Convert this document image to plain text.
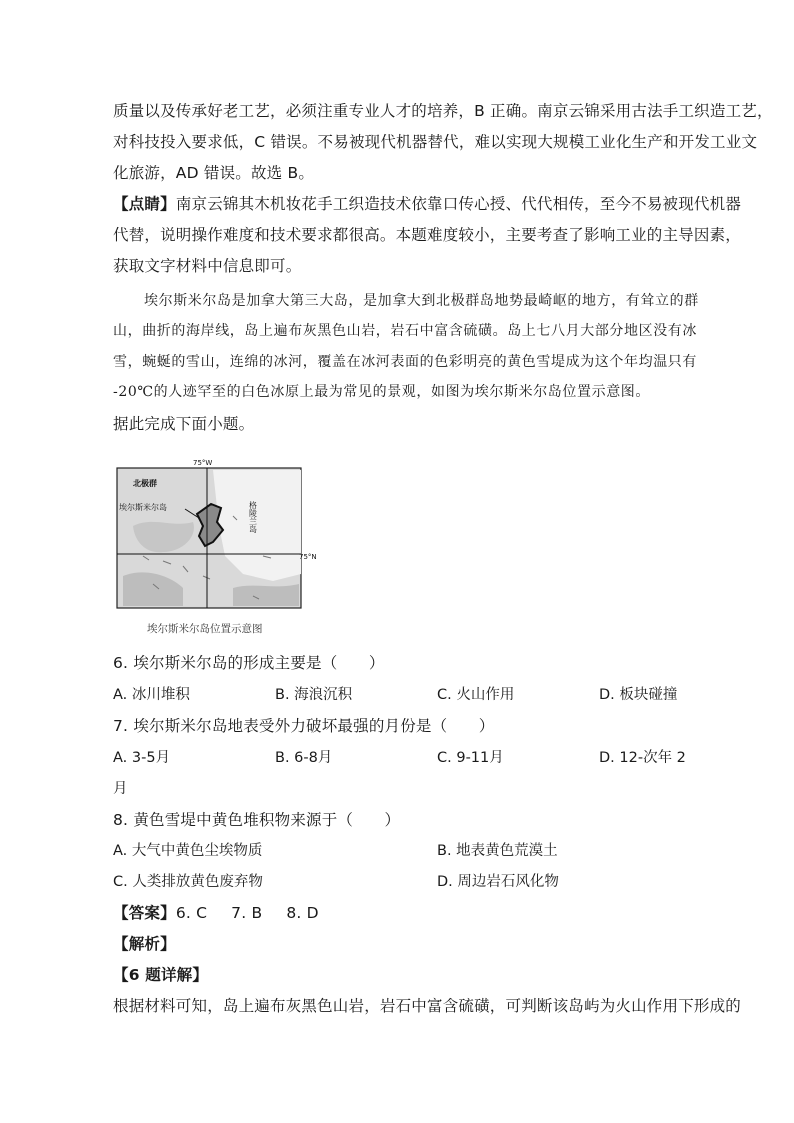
质量以及传承好老工艺，必须注重专业人才的培养，B 正确。南京云锦采用古法手工织造工艺，
对科技投入要求低，C 错误。不易被现代机器替代，难以实现大规模工业化生产和开发工业文
化旅游，AD 错误。故选 B。
【点睛】南京云锦其木机妆花手工织造技术依靠口传心授、代代相传，至今不易被现代机器
代替，说明操作难度和技术要求都很高。本题难度较小，主要考查了影响工业的主导因素，
获取文字材料中信息即可。
埃尔斯米尔岛是加拿大第三大岛，是加拿大到北极群岛地势最崎岖的地方，有耸立的群
山，曲折的海岸线，岛上遍布灰黑色山岩，岩石中富含硫磺。岛上七八月大部分地区没有冰
雪，蜿蜒的雪山，连绵的冰河，覆盖在冰河表面的色彩明亮的黄色雪堤成为这个年均温只有
-20℃的人迹罕至的白色冰原上最为常见的景观，如图为埃尔斯米尔岛位置示意图。
据此完成下面小题。
75°W
75°N
北极群
埃尔斯米尔岛	格陵兰岛
埃尔斯米尔岛位置示意图
6. 埃尔斯米尔岛的形成主要是（　　）
A. 冰川堆积	B. 海浪沉积	C. 火山作用	D. 板块碰撞
7. 埃尔斯米尔岛地表受外力破坏最强的月份是（　　）
A. 3-5月	B. 6-8月	C. 9-11月	D. 12-次年 2
月
8. 黄色雪堤中黄色堆积物来源于（　　）
A. 大气中黄色尘埃物质	B. 地表黄色荒漠土
C. 人类排放黄色废弃物	D. 周边岩石风化物
【答案】6. C 7. B 8. D
【解析】
【6 题详解】
根据材料可知，岛上遍布灰黑色山岩，岩石中富含硫磺，可判断该岛屿为火山作用下形成的
